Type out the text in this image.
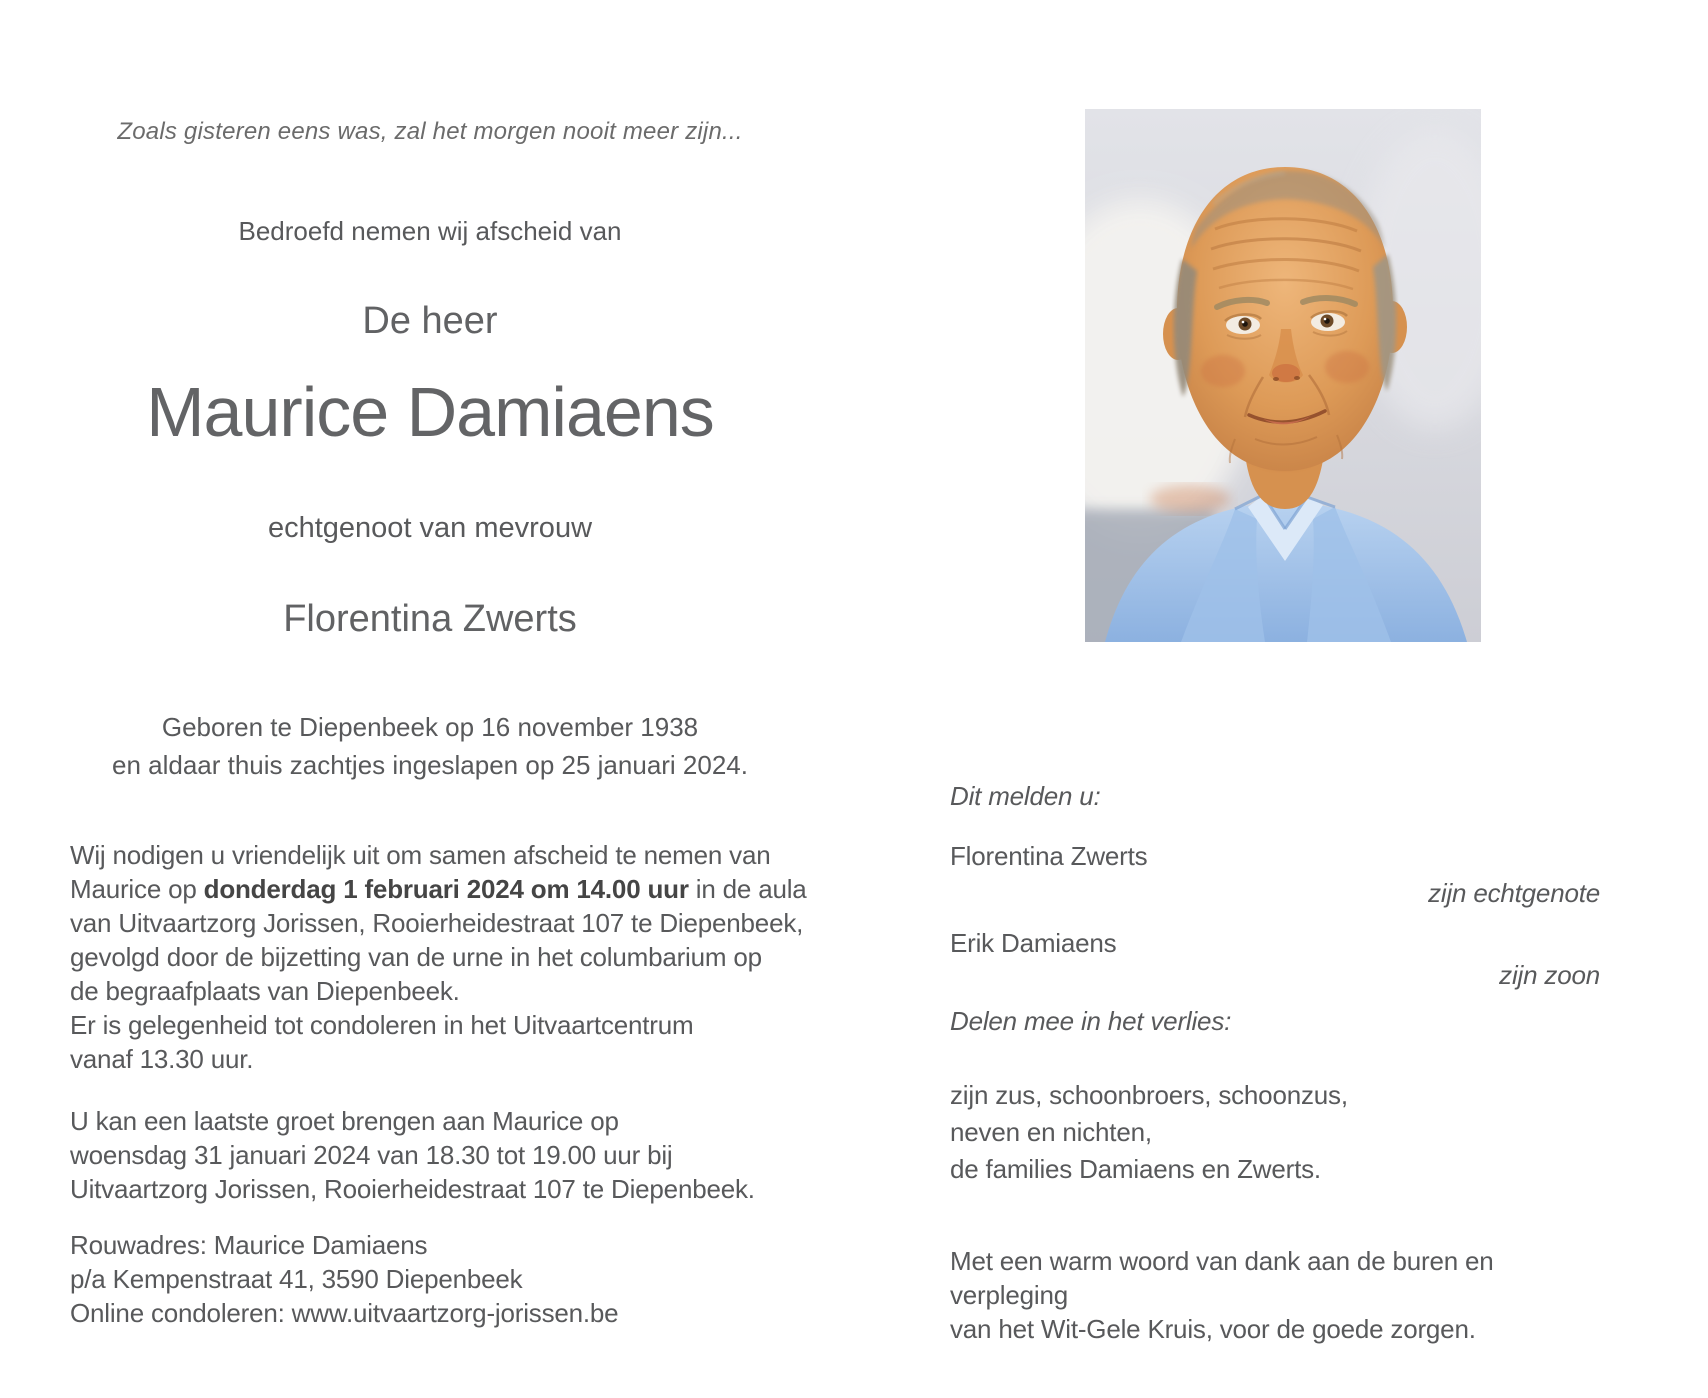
Zoals gisteren eens was, zal het morgen nooit meer zijn...
Bedroefd nemen wij afscheid van
De heer
Maurice Damiaens
echtgenoot van mevrouw
Florentina Zwerts
Geboren te Diepenbeek op 16 november 1938
en aldaar thuis zachtjes ingeslapen op 25 januari 2024.
Wij nodigen u vriendelijk uit om samen afscheid te nemen van
Maurice op donderdag 1 februari 2024 om 14.00 uur in de aula
van Uitvaartzorg Jorissen, Rooierheidestraat 107 te Diepenbeek,
gevolgd door de bijzetting van de urne in het columbarium op
de begraafplaats van Diepenbeek.
Er is gelegenheid tot condoleren in het Uitvaartcentrum
vanaf 13.30 uur.
U kan een laatste groet brengen aan Maurice op
woensdag 31 januari 2024 van 18.30 tot 19.00 uur bij
Uitvaartzorg Jorissen, Rooierheidestraat 107 te Diepenbeek.
Rouwadres: Maurice Damiaens
p/a Kempenstraat 41, 3590 Diepenbeek
Online condoleren: www.uitvaartzorg-jorissen.be
Dit melden u:
Florentina Zwerts
zijn echtgenote
Erik Damiaens
zijn zoon
Delen mee in het verlies:
zijn zus, schoonbroers, schoonzus,
neven en nichten,
de families Damiaens en Zwerts.
Met een warm woord van dank aan de buren en verpleging
van het Wit-Gele Kruis, voor de goede zorgen.
